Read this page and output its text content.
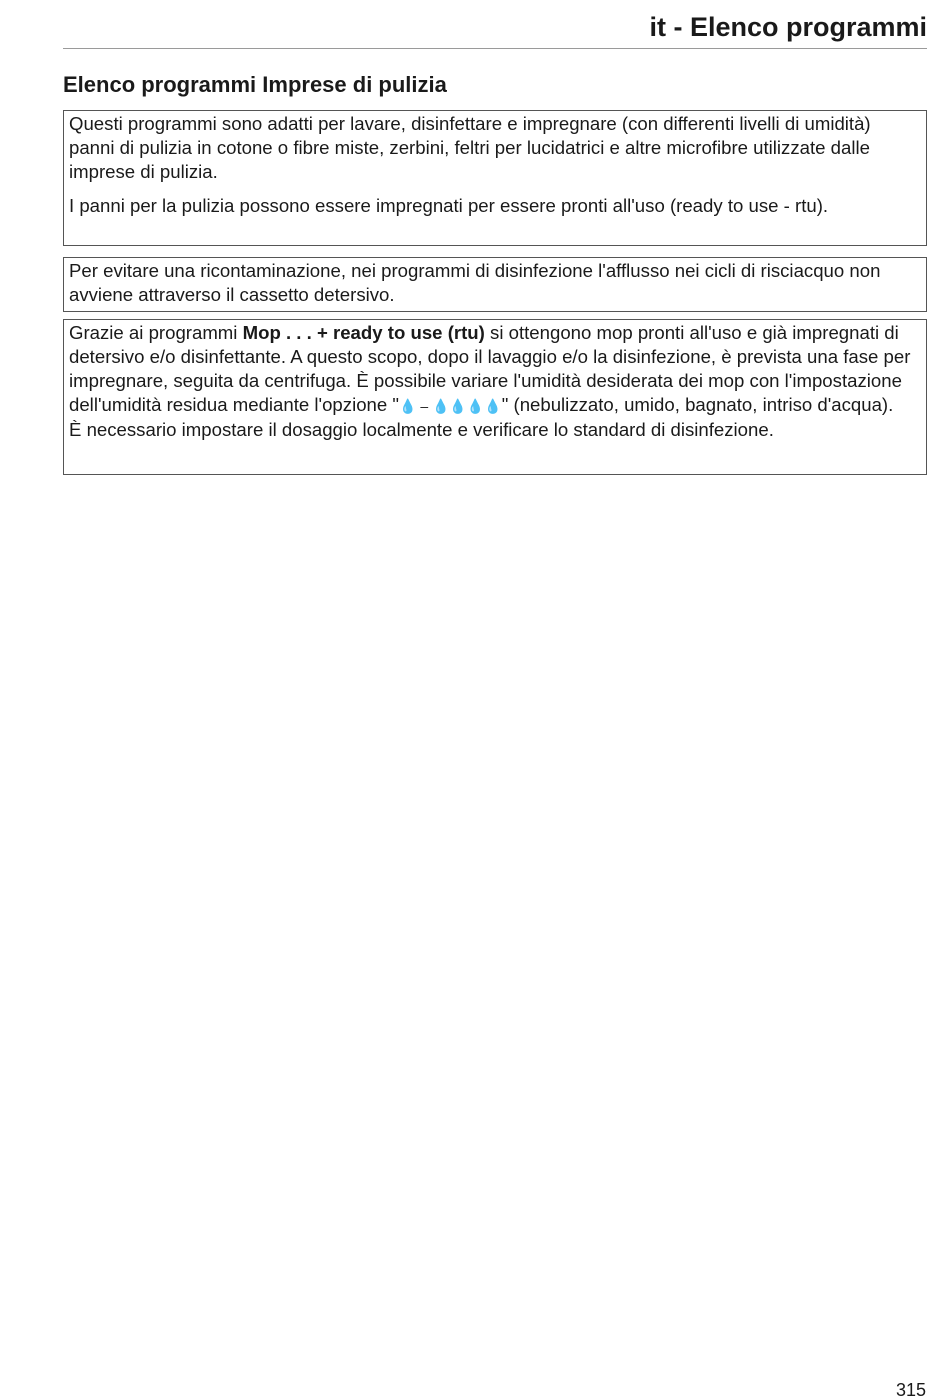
it - Elenco programmi
Elenco programmi Imprese di pulizia

Questi programmi sono adatti per lavare, disinfettare e impregnare (con differenti livelli di umidità) panni di pulizia in cotone o fibre miste, zerbini, feltri per lucidatrici e altre microfibre utilizzate dalle imprese di pulizia.

I panni per la pulizia possono essere impregnati per essere pronti all'uso (ready to use - rtu).

Per evitare una ricontaminazione, nei programmi di disinfezione l'afflusso nei cicli di risciacquo non avviene attraverso il cassetto detersivo.

Grazie ai programmi Mop . . . + ready to use (rtu) si ottengono mop pronti all'uso e già impregnati di detersivo e/o disinfettante. A questo scopo, dopo il lavaggio e/o la disinfezione, è prevista una fase per impregnare, seguita da centrifuga. È possibile variare l'umidità desiderata dei mop con l'impostazione dell'umidità residua mediante l'opzione "💧 – 💧💧💧💧" (nebulizzato, umido, bagnato, intriso d'acqua).

È necessario impostare il dosaggio localmente e verificare lo standard di disinfezione.

315
